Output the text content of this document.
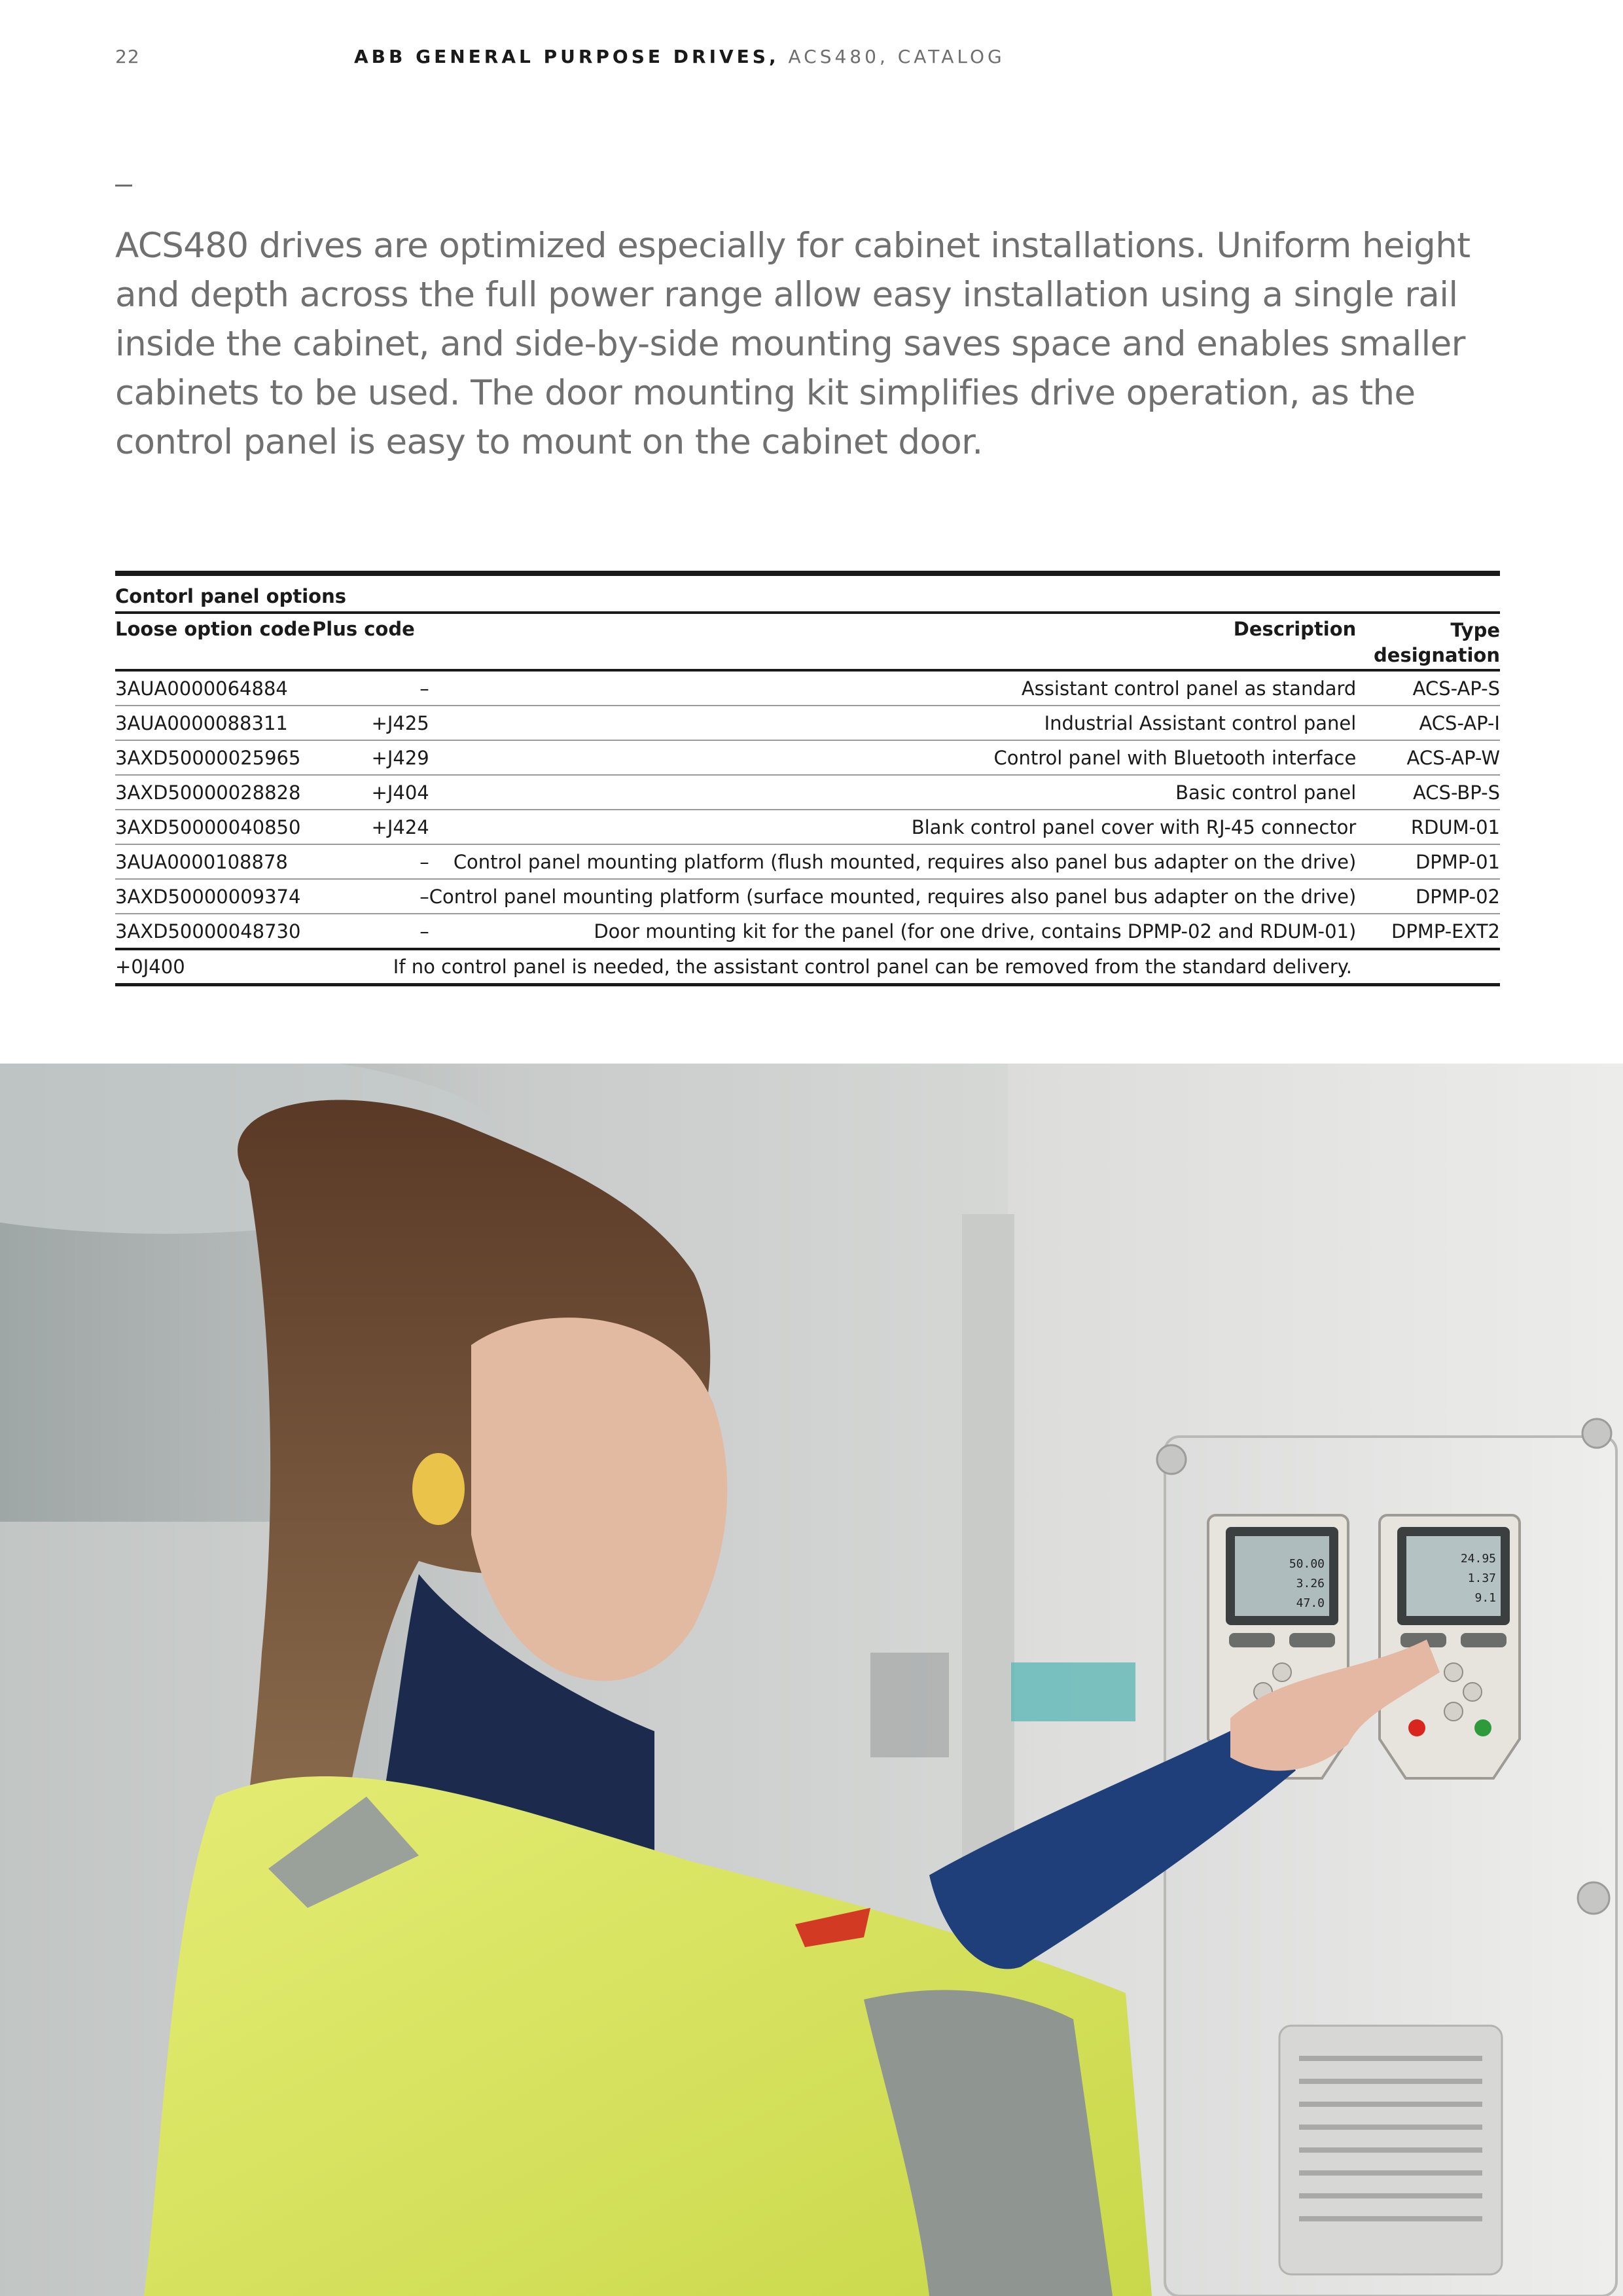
22	ABB GENERAL PURPOSE DRIVES, ACS480, CATALOG

ACS480 drives are optimized especially for cabinet installations. Uniform height and depth across the full power range allow easy installation using a single rail inside the cabinet, and side-by-side mounting saves space and enables smaller cabinets to be used. The door mounting kit simplifies drive operation, as the control panel is easy to mount on the cabinet door.

Contorl panel options			
Loose option code	Plus code	Description	Type designation
3AUA0000064884	–	Assistant control panel as standard	ACS-AP-S
3AUA0000088311	+J425	Industrial Assistant control panel	ACS-AP-I
3AXD50000025965	+J429	Control panel with Bluetooth interface	ACS-AP-W
3AXD50000028828	+J404	Basic control panel	ACS-BP-S
3AXD50000040850	+J424	Blank control panel cover with RJ-45 connector	RDUM-01
3AUA0000108878	–	Control panel mounting platform (flush mounted, requires also panel bus adapter on the drive)	DPMP-01
3AXD50000009374	–	Control panel mounting platform (surface mounted, requires also panel bus adapter on the drive)	DPMP-02
3AXD50000048730	–	Door mounting kit for the panel (for one drive, contains DPMP-02 and RDUM-01)	DPMP-EXT2
+0J400	If no control panel is needed, the assistant control panel can be removed from the standard delivery.		
50.00
3.26
47.0
24.95
1.37
9.1
